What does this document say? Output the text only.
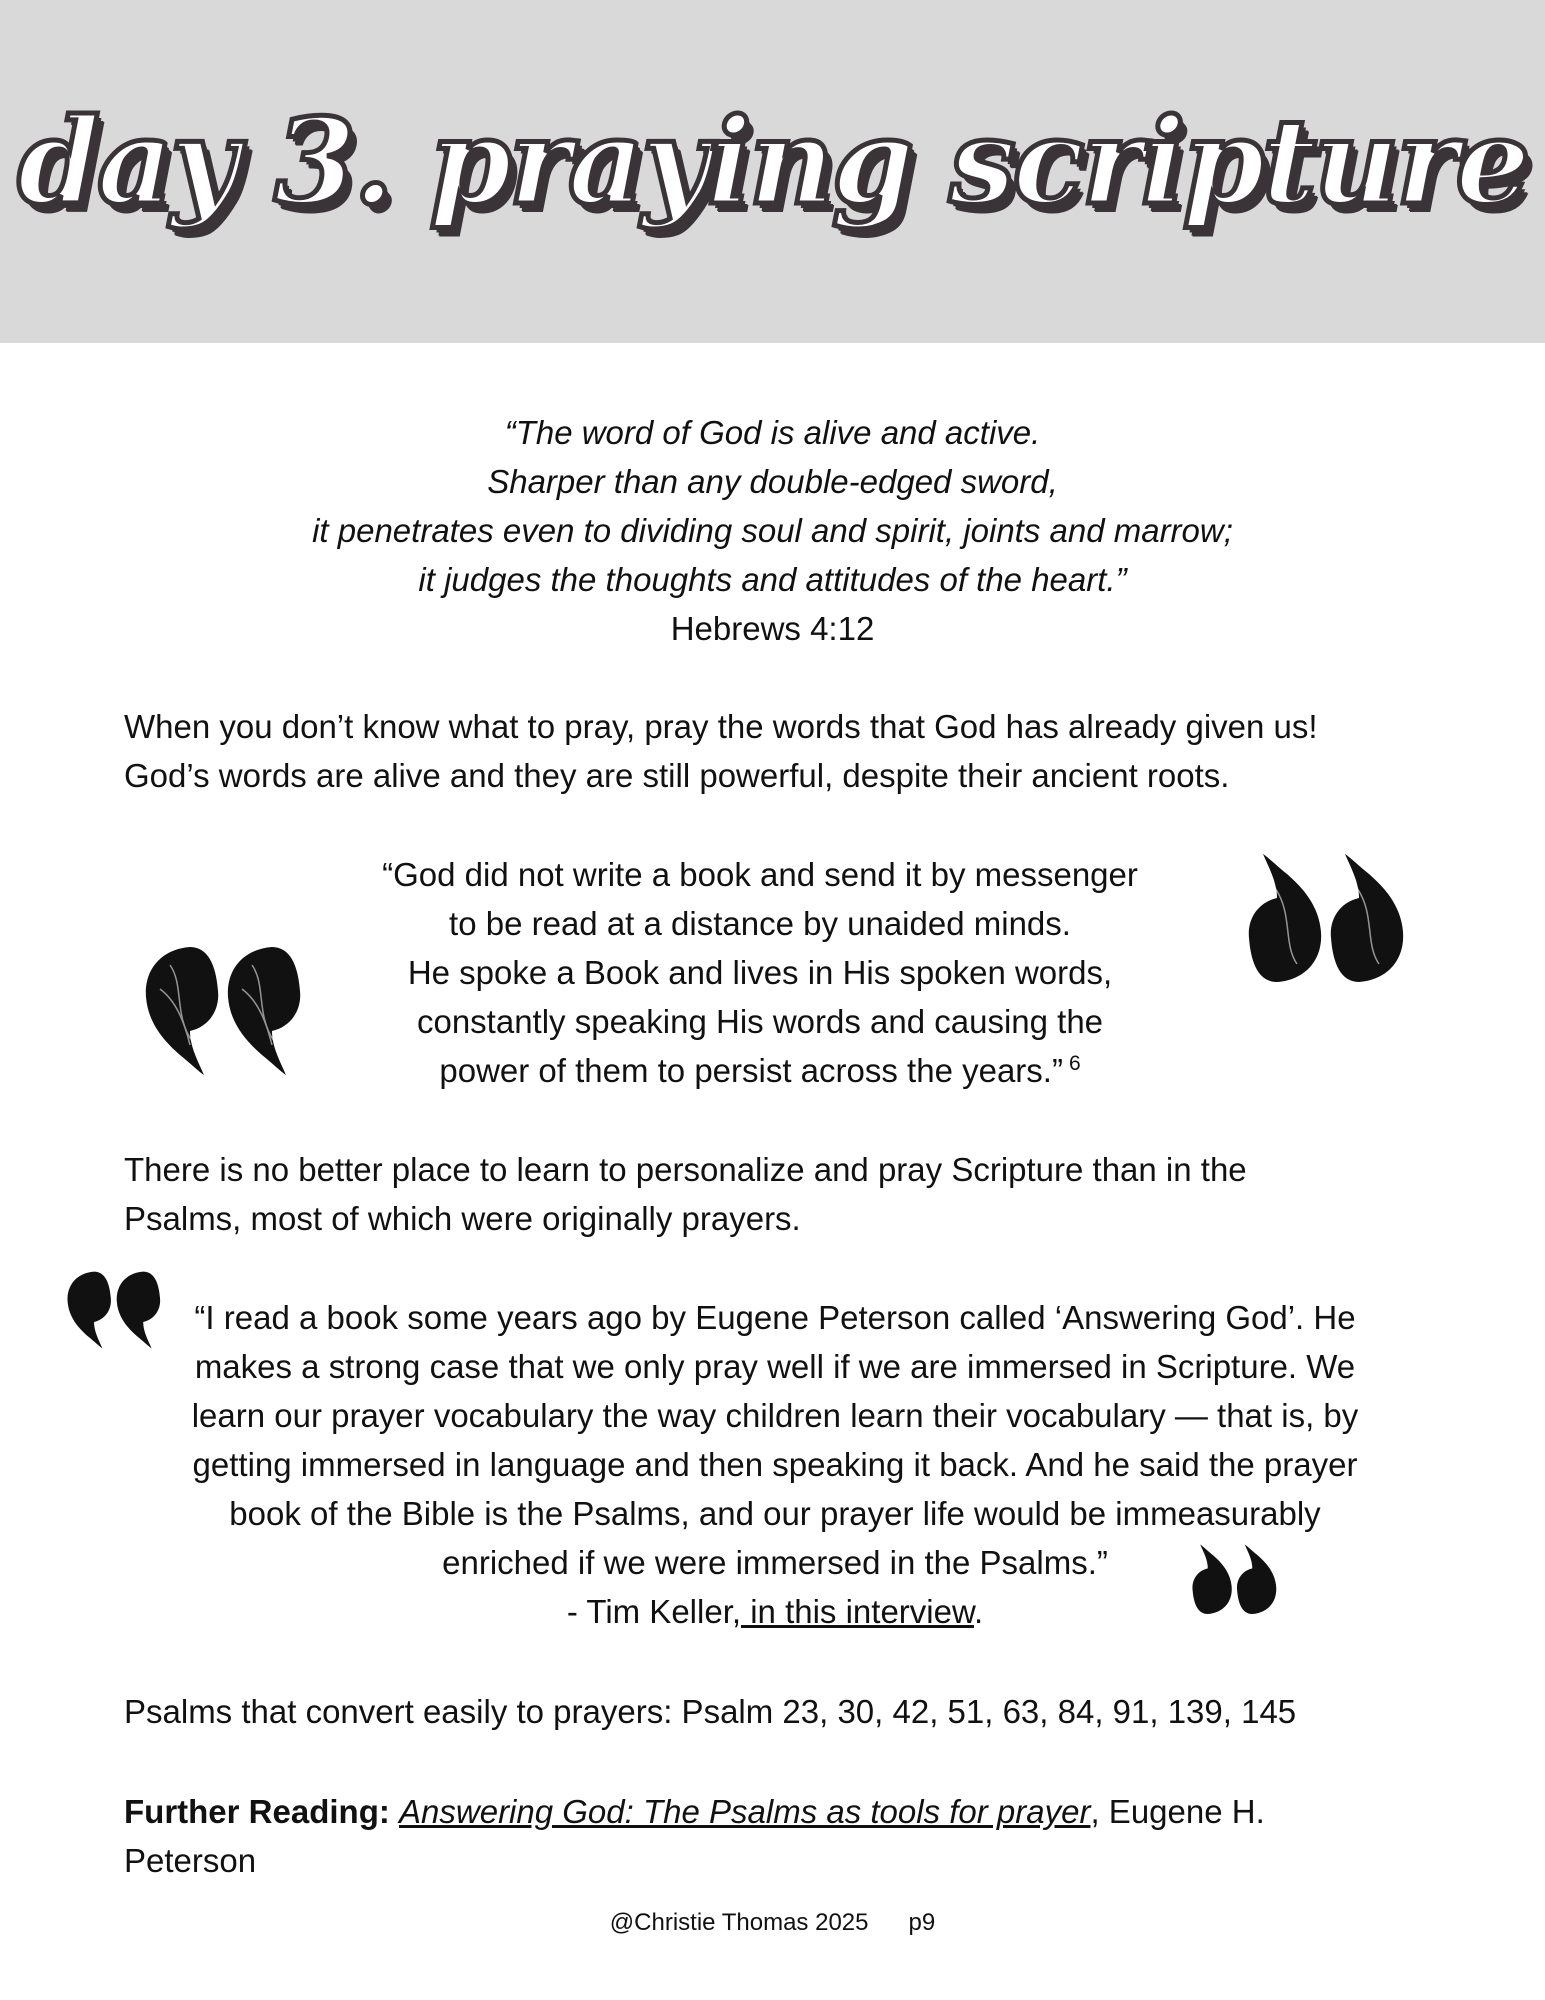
day 3. praying scripture
“The word of God is alive and active.
Sharper than any double-edged sword,
it penetrates even to dividing soul and spirit, joints and marrow;
it judges the thoughts and attitudes of the heart.”
Hebrews 4:12
When you don’t know what to pray, pray the words that God has already given us!
God’s words are alive and they are still powerful, despite their ancient roots.
“God did not write a book and send it by messenger
to be read at a distance by unaided minds.
He spoke a Book and lives in His spoken words,
constantly speaking His words and causing the
power of them to persist across the years.” $^6$
There is no better place to learn to personalize and pray Scripture than in the
Psalms, most of which were originally prayers.
“I read a book some years ago by Eugene Peterson called ‘Answering God’. He
makes a strong case that we only pray well if we are immersed in Scripture. We
learn our prayer vocabulary the way children learn their vocabulary — that is, by
getting immersed in language and then speaking it back. And he said the prayer
book of the Bible is the Psalms, and our prayer life would be immeasurably
enriched if we were immersed in the Psalms.”
- Tim Keller, in this interview.
Psalms that convert easily to prayers: Psalm 23, 30, 42, 51, 63, 84, 91, 139, 145
Further Reading: Answering God: The Psalms as tools for prayer, Eugene H.
Peterson
@Christie Thomas 2025 p9
